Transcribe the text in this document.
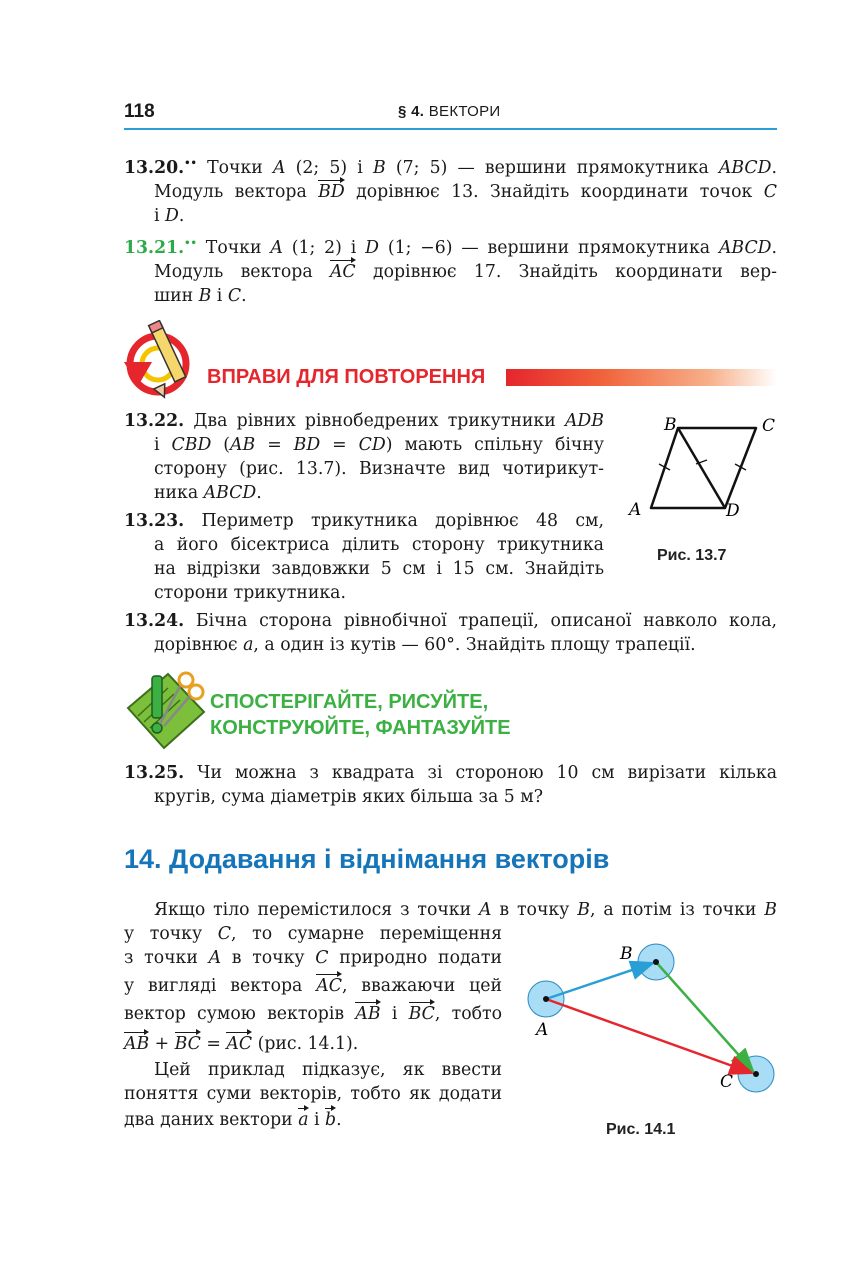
118	§ 4. ВЕКТОРИ
13.20.•• Точки A (2; 5) і B (7; 5) — вершини прямокутника ABCD.
Модуль вектора BD дорівнює 13. Знайдіть координати точок C
і D.
13.21.•• Точки A (1; 2) і D (1; −6) — вершини прямокутника ABCD.
Модуль вектора AC дорівнює 17. Знайдіть координати вер-
шин B і C.
ВПРАВИ ДЛЯ ПОВТОРЕННЯ
13.22. Два рівних рівнобедрених трикутники ADB
і CBD (AB = BD = CD) мають спільну бічну
сторону (рис. 13.7). Визначте вид чотирикут-
ника ABCD.
13.23. Периметр трикутника дорівнює 48 см,
а його бісектриса ділить сторону трикутника
на відрізки завдовжки 5 см і 15 см. Знайдіть
сторони трикутника.
B	C
A	D
Рис. 13.7
13.24. Бічна сторона рівнобічної трапеції, описаної навколо кола,
дорівнює a, а один із кутів — 60°. Знайдіть площу трапеції.
СПОСТЕРІГАЙТЕ, РИСУЙТЕ,
КОНСТРУЮЙТЕ, ФАНТАЗУЙТЕ
13.25. Чи можна з квадрата зі стороною 10 см вирізати кілька
кругів, сума діаметрів яких більша за 5 м?
14. Додавання і віднімання векторів
Якщо тіло перемістилося з точки A в точку B, а потім із точки B
у точку C, то сумарне переміщення
з точки A в точку C природно подати
у вигляді вектора AC, вважаючи цей
вектор сумою векторів AB і BC, тобто
AB + BC = AC (рис. 14.1).
Цей приклад підказує, як ввести
поняття суми векторів, тобто як додати
два даних вектори a і b.
A
B
C
Рис. 14.1
